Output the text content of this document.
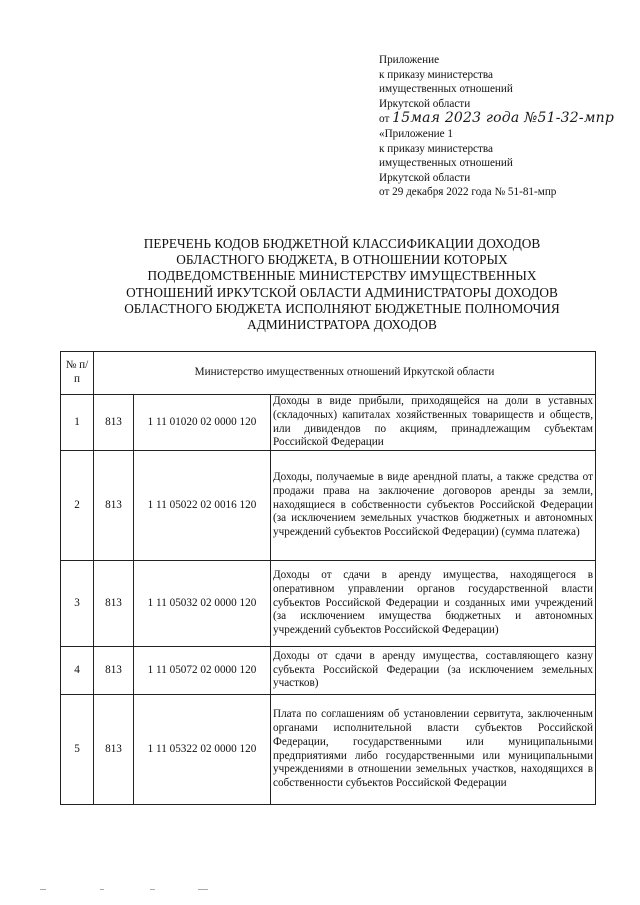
Приложение
к приказу министерства
имущественных отношений
Иркутской области
от 15мая 2023 года №51-32-мпр
«Приложение 1
к приказу министерства
имущественных отношений
Иркутской области
от 29 декабря 2022 года № 51-81-мпр
ПЕРЕЧЕНЬ КОДОВ БЮДЖЕТНОЙ КЛАССИФИКАЦИИ ДОХОДОВ
ОБЛАСТНОГО БЮДЖЕТА, В ОТНОШЕНИИ КОТОРЫХ
ПОДВЕДОМСТВЕННЫЕ МИНИСТЕРСТВУ ИМУЩЕСТВЕННЫХ
ОТНОШЕНИЙ ИРКУТСКОЙ ОБЛАСТИ АДМИНИСТРАТОРЫ ДОХОДОВ
ОБЛАСТНОГО БЮДЖЕТА ИСПОЛНЯЮТ БЮДЖЕТНЫЕ ПОЛНОМОЧИЯ
АДМИНИСТРАТОРА ДОХОДОВ
№ п/п	Министерство имущественных отношений Иркутской области		
1	813	1 11 01020 02 0000 120	Доходы в виде прибыли, приходящейся на доли в уставных (складочных) капиталах хозяйственных товариществ и обществ, или дивидендов по акциям, принадлежащим субъектам Российской Федерации
2	813	1 11 05022 02 0016 120	Доходы, получаемые в виде арендной платы, а также средства от продажи права на заключение договоров аренды за земли, находящиеся в собственности субъектов Российской Федерации (за исключением земельных участков бюджетных и автономных учреждений субъектов Российской Федерации) (сумма платежа)
3	813	1 11 05032 02 0000 120	Доходы от сдачи в аренду имущества, находящегося в оперативном управлении органов государственной власти субъектов Российской Федерации и созданных ими учреждений (за исключением имущества бюджетных и автономных учреждений субъектов Российской Федерации)
4	813	1 11 05072 02 0000 120	Доходы от сдачи в аренду имущества, составляющего казну субъекта Российской Федерации (за исключением земельных участков)
5	813	1 11 05322 02 0000 120	Плата по соглашениям об установлении сервитута, заключенным органами исполнительной власти субъектов Российской Федерации, государственными или муниципальными предприятиями либо государственными или муниципальными учреждениями в отношении земельных участков, находящихся в собственности субъектов Российской Федерации
